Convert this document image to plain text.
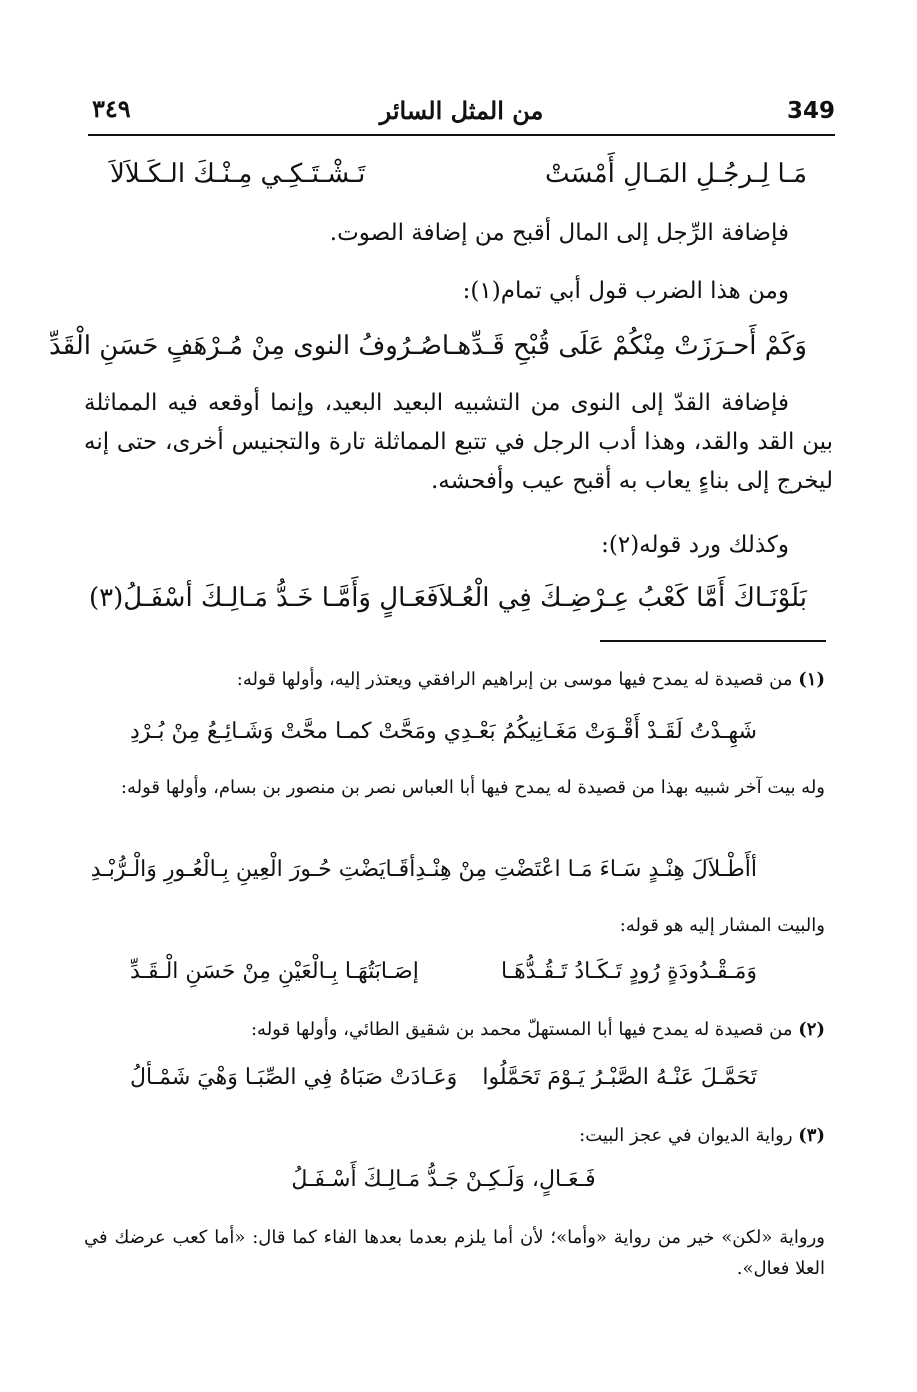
349
من المثل السائر
٣٤٩
مَـا لِـرجُـلِ المَـالِ أَمْسَتْ
تَـشْـتَـكِـي مِـنْـكَ الـكَـلاَلاَ
فإضافة الرِّجل إلى المال أقبح من إضافة الصوت.
ومن هذا الضرب قول أبي تمام(١):
وَكَمْ أَحـرَزَتْ مِنْكُمْ عَلَى قُبْحِ قَـدِّهـا
صُـرُوفُ النوى مِنْ مُـرْهَفٍ حَسَنِ الْقَدِّ
فإضافة القدّ إلى النوى من التشبيه البعيد البعيد، وإنما أوقعه فيه المماثلة بين القد والقد، وهذا أدب الرجل في تتبع المماثلة تارة والتجنيس أخرى، حتى إنه ليخرج إلى بناءٍ يعاب به أقبح عيب وأفحشه.
وكذلك ورد قوله(٢):
بَلَوْنَـاكَ أَمَّا كَعْبُ عِـرْضِـكَ فِي الْعُـلاَ
فَعَـالٍ وَأَمَّـا خَـدُّ مَـالِـكَ أسْفَـلُ(٣)
(١) من قصيدة له يمدح فيها موسى بن إبراهيم الرافقي ويعتذر إليه، وأولها قوله:
شَهِـدْتُ لَقَـدْ أَقْـوَتْ مَغَـانِيكُمُ بَعْـدِي
ومَحَّتْ كمـا محَّتْ وَشَـائِـعُ مِنْ بُـرْدِ
وله بيت آخر شبيه بهذا من قصيدة له يمدح فيها أبا العباس نصر بن منصور بن بسام، وأولها قوله:
أأَطْـلاَلَ هِنْـدٍ سَـاءَ مَـا اعْتَضْتِ مِنْ هِنْـدِ
أقَـايَضْتِ حُـورَ الْعِينِ بِـالْعُـورِ وَالْـرُّبْـدِ
والبيت المشار إليه هو قوله:
وَمَـقْـدُودَةٍ رُودٍ تَـكَـادُ تَـقُـدُّهَـا
إصَـابَتُهَـا بِـالْعَيْنِ مِنْ حَسَنِ الْـقَـدِّ
(٢) من قصيدة له يمدح فيها أبا المستهلّ محمد بن شقيق الطائي، وأولها قوله:
تَحَمَّـلَ عَنْـهُ الصَّبْـرُ يَـوْمَ تَحَمَّلُوا
وَعَـادَتْ صَبَاهُ فِي الصِّبَـا وَهْيَ شَمْـألُ
(٣) رواية الديوان في عجز البيت:
فَـعَـالٍ، وَلَـكِـنْ جَـدُّ مَـالِـكَ أَسْـفَـلُ
ورواية «لكن» خير من رواية «وأما»؛ لأن أما يلزم بعدما بعدها الفاء كما قال: «أما كعب عرضك في العلا فعال».
